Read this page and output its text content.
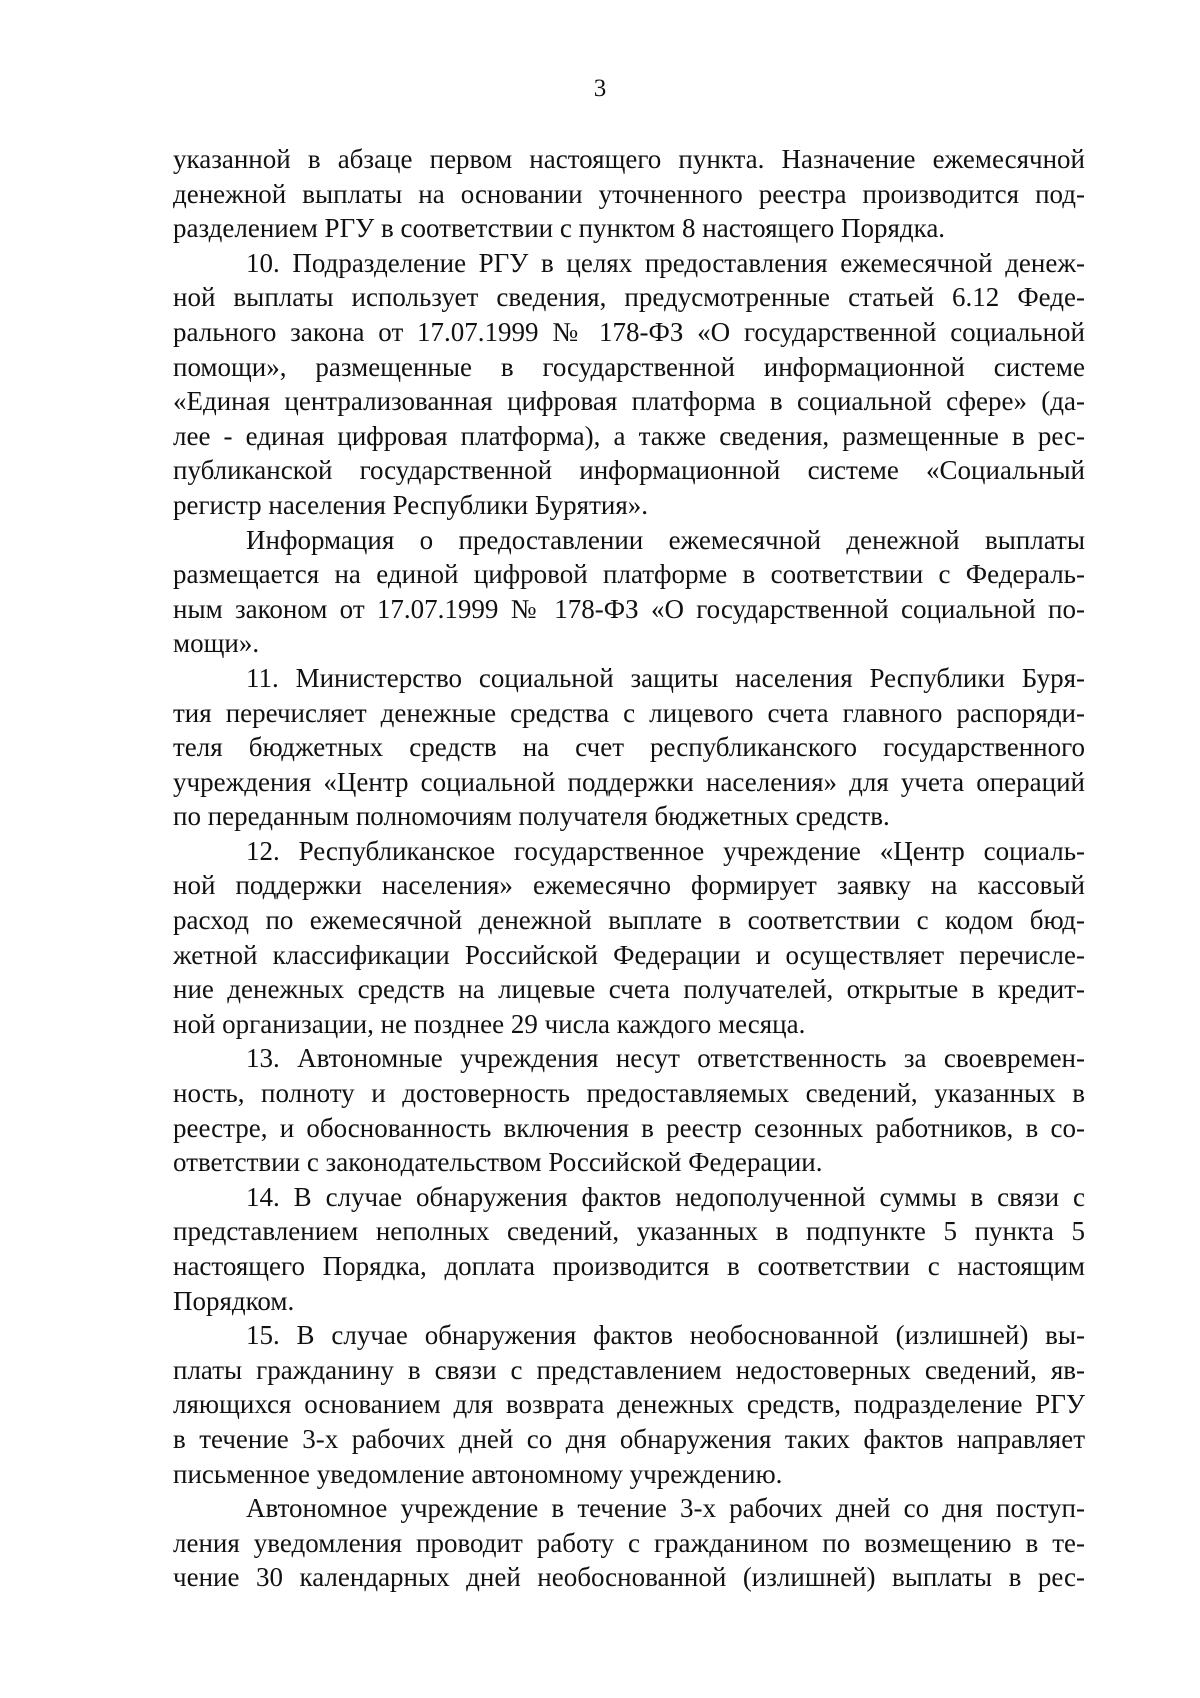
3
указанной в абзаце первом настоящего пункта. Назначение ежемесячной
денежной выплаты на основании уточненного реестра производится под-
разделением РГУ в соответствии с пунктом 8 настоящего Порядка.
10. Подразделение РГУ в целях предоставления ежемесячной денеж-
ной выплаты использует сведения, предусмотренные статьей 6.12 Феде-
рального закона от 17.07.1999 № 178-ФЗ «О государственной социальной
помощи», размещенные в государственной информационной системе
«Единая централизованная цифровая платформа в социальной сфере» (да-
лее - единая цифровая платформа), а также сведения, размещенные в рес-
публиканской государственной информационной системе «Социальный
регистр населения Республики Бурятия».
Информация о предоставлении ежемесячной денежной выплаты
размещается на единой цифровой платформе в соответствии с Федераль-
ным законом от 17.07.1999 № 178-ФЗ «О государственной социальной по-
мощи».
11. Министерство социальной защиты населения Республики Буря-
тия перечисляет денежные средства с лицевого счета главного распоряди-
теля бюджетных средств на счет республиканского государственного
учреждения «Центр социальной поддержки населения» для учета операций
по переданным полномочиям получателя бюджетных средств.
12. Республиканское государственное учреждение «Центр социаль-
ной поддержки населения» ежемесячно формирует заявку на кассовый
расход по ежемесячной денежной выплате в соответствии с кодом бюд-
жетной классификации Российской Федерации и осуществляет перечисле-
ние денежных средств на лицевые счета получателей, открытые в кредит-
ной организации, не позднее 29 числа каждого месяца.
13. Автономные учреждения несут ответственность за своевремен-
ность, полноту и достоверность предоставляемых сведений, указанных в
реестре, и обоснованность включения в реестр сезонных работников, в со-
ответствии с законодательством Российской Федерации.
14. В случае обнаружения фактов недополученной суммы в связи с
представлением неполных сведений, указанных в подпункте 5 пункта 5
настоящего Порядка, доплата производится в соответствии с настоящим
Порядком.
15. В случае обнаружения фактов необоснованной (излишней) вы-
платы гражданину в связи с представлением недостоверных сведений, яв-
ляющихся основанием для возврата денежных средств, подразделение РГУ
в течение 3-х рабочих дней со дня обнаружения таких фактов направляет
письменное уведомление автономному учреждению.
Автономное учреждение в течение 3-х рабочих дней со дня поступ-
ления уведомления проводит работу с гражданином по возмещению в те-
чение 30 календарных дней необоснованной (излишней) выплаты в рес-
